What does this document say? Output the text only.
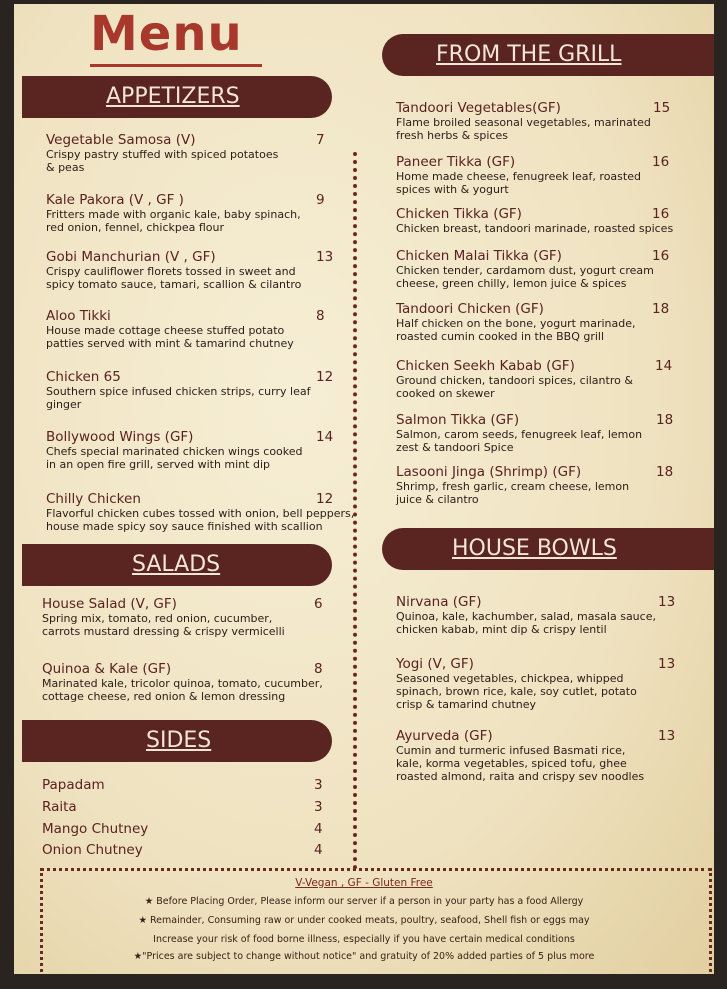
Menu
APPETIZERS
SALADS
SIDES
FROM THE GRILL
HOUSE BOWLS
Vegetable Samosa (V)	7
Crispy pastry stuffed with spiced potatoes
& peas
Kale Pakora (V , GF )	9
Fritters made with organic kale, baby spinach,
red onion, fennel, chickpea flour
Gobi Manchurian (V , GF)	13
Crispy cauliflower florets tossed in sweet and
spicy tomato sauce, tamari, scallion & cilantro
Aloo Tikki	8
House made cottage cheese stuffed potato
patties served with mint & tamarind chutney
Chicken 65	12
Southern spice infused chicken strips, curry leaf
ginger
Bollywood Wings (GF)	14
Chefs special marinated chicken wings cooked
in an open fire grill, served with mint dip
Chilly Chicken	12
Flavorful chicken cubes tossed with onion, bell peppers,
house made spicy soy sauce finished with scallion
House Salad (V, GF)	6
Spring mix, tomato, red onion, cucumber,
carrots mustard dressing & crispy vermicelli
Quinoa & Kale (GF)	8
Marinated kale, tricolor quinoa, tomato, cucumber,
cottage cheese, red onion & lemon dressing
Papadam	3
Raita	3
Mango Chutney	4
Onion Chutney	4
Tandoori Vegetables(GF)	15
Flame broiled seasonal vegetables, marinated
fresh herbs & spices
Paneer Tikka (GF)	16
Home made cheese, fenugreek leaf, roasted
spices with & yogurt
Chicken Tikka (GF)	16
Chicken breast, tandoori marinade, roasted spices
Chicken Malai Tikka (GF)	16
Chicken tender, cardamom dust, yogurt cream
cheese, green chilly, lemon juice & spices
Tandoori Chicken (GF)	18
Half chicken on the bone, yogurt marinade,
roasted cumin cooked in the BBQ grill
Chicken Seekh Kabab (GF)	14
Ground chicken, tandoori spices, cilantro &
cooked on skewer
Salmon Tikka (GF)	18
Salmon, carom seeds, fenugreek leaf, lemon
zest & tandoori Spice
Lasooni Jinga (Shrimp) (GF)	18
Shrimp, fresh garlic, cream cheese, lemon
juice & cilantro
Nirvana (GF)	13
Quinoa, kale, kachumber, salad, masala sauce,
chicken kabab, mint dip & crispy lentil
Yogi (V, GF)	13
Seasoned vegetables, chickpea, whipped
spinach, brown rice, kale, soy cutlet, potato
crisp & tamarind chutney
Ayurveda (GF)	13
Cumin and turmeric infused Basmati rice,
kale, korma vegetables, spiced tofu, ghee
roasted almond, raita and crispy sev noodles
V-Vegan , GF - Gluten Free
★ Before Placing Order, Please inform our server if a person in your party has a food Allergy
★ Remainder, Consuming raw or under cooked meats, poultry, seafood, Shell fish or eggs may
Increase your risk of food borne illness, especially if you have certain medical conditions
★"Prices are subject to change without notice" and gratuity of 20% added parties of 5 plus more
